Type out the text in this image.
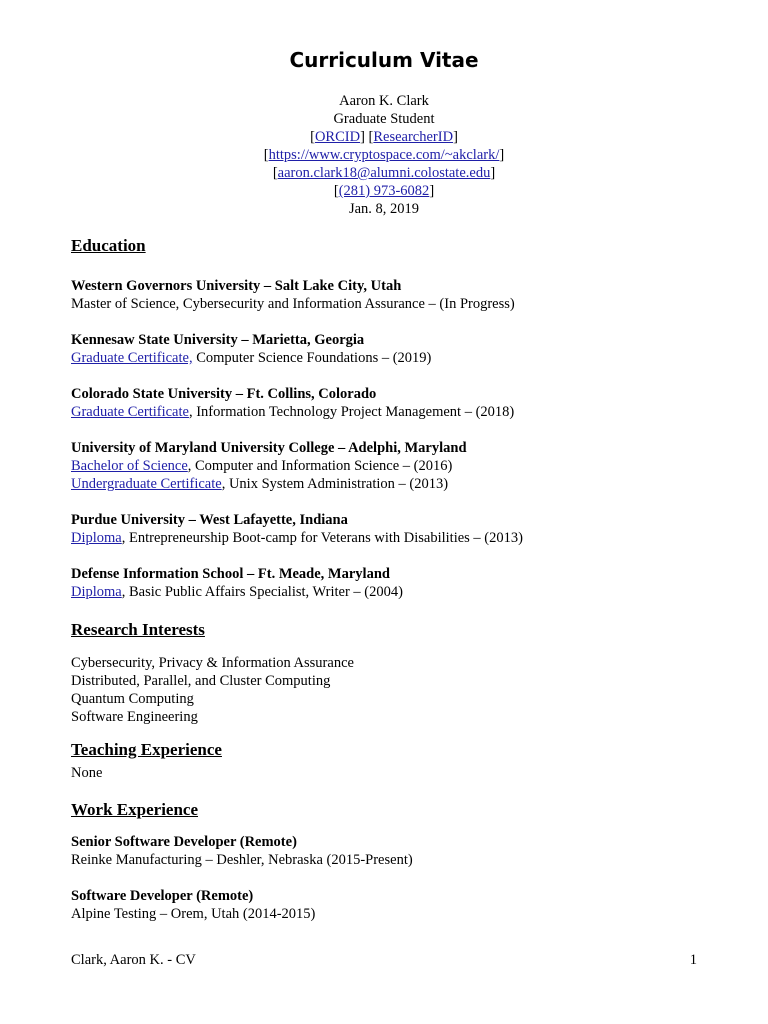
Curriculum Vitae
Aaron K. Clark
Graduate Student
[ORCID] [ResearcherID]
[https://www.cryptospace.com/~akclark/]
[aaron.clark18@alumni.colostate.edu]
[(281) 973-6082]
Jan. 8, 2019
Education
Western Governors University – Salt Lake City, Utah
Master of Science, Cybersecurity and Information Assurance – (In Progress)
Kennesaw State University – Marietta, Georgia
Graduate Certificate, Computer Science Foundations – (2019)
Colorado State University – Ft. Collins, Colorado
Graduate Certificate, Information Technology Project Management – (2018)
University of Maryland University College – Adelphi, Maryland
Bachelor of Science, Computer and Information Science – (2016)
Undergraduate Certificate, Unix System Administration – (2013)
Purdue University – West Lafayette, Indiana
Diploma, Entrepreneurship Boot-camp for Veterans with Disabilities – (2013)
Defense Information School – Ft. Meade, Maryland
Diploma, Basic Public Affairs Specialist, Writer – (2004)
Research Interests
Cybersecurity, Privacy & Information Assurance
Distributed, Parallel, and Cluster Computing
Quantum Computing
Software Engineering
Teaching Experience
None
Work Experience
Senior Software Developer (Remote)
Reinke Manufacturing – Deshler, Nebraska (2015-Present)
Software Developer (Remote)
Alpine Testing – Orem, Utah (2014-2015)
Clark, Aaron K. - CV	1
